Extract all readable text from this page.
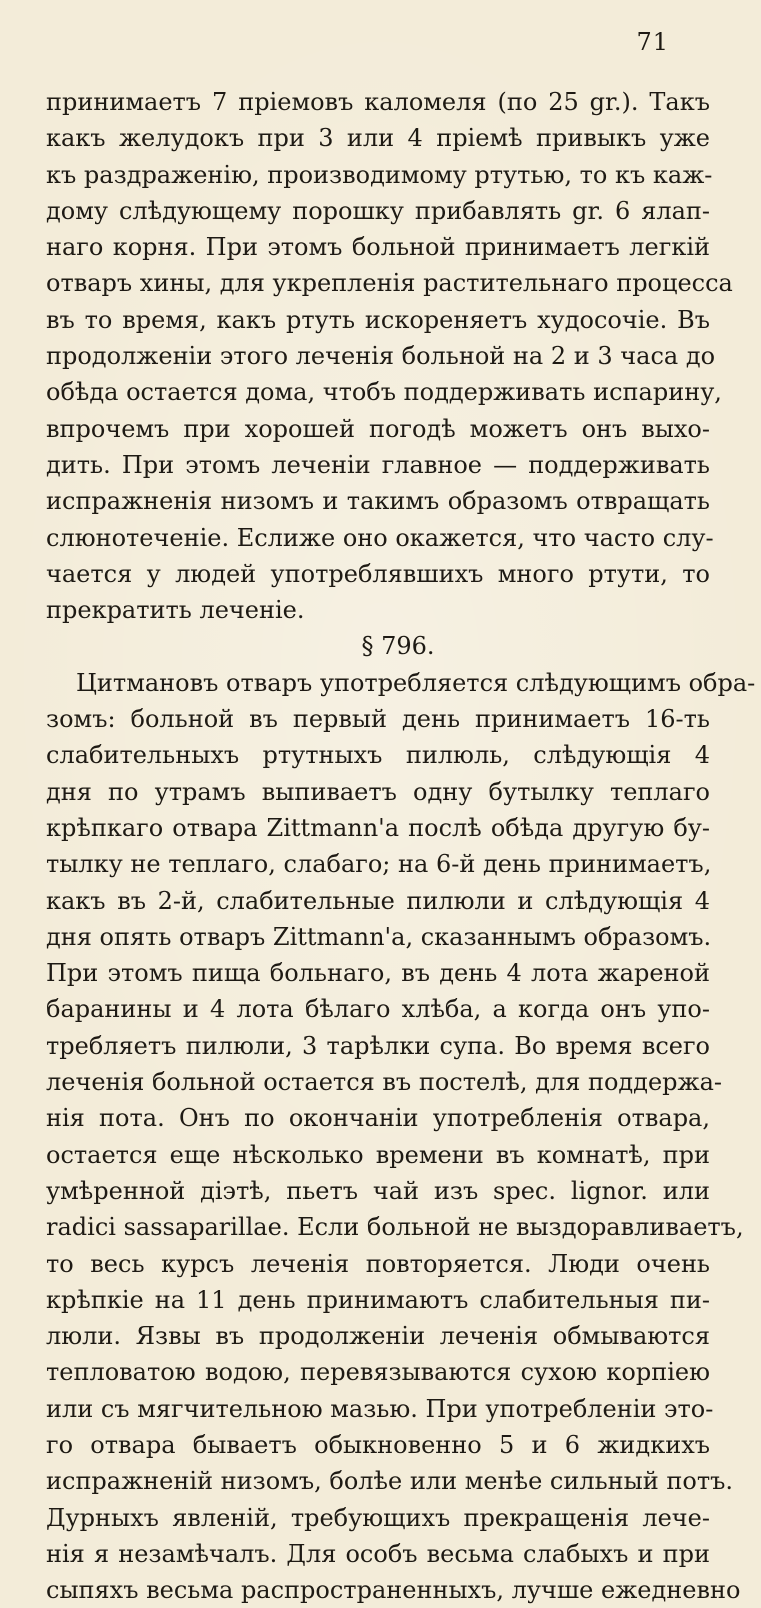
71
принимаетъ 7 пріемовъ каломеля (по 25 gr.). Такъ
какъ желудокъ при 3 или 4 пріемѣ привыкъ уже
къ раздраженію, производимому ртутью, то къ каж-
дому слѣдующему порошку прибавлять gr. 6 ялап-
наго корня. При этомъ больной принимаетъ легкій
отваръ хины, для укрепленія растительнаго процесса
въ то время, какъ ртуть искореняетъ худосочіе. Въ
продолженіи этого леченія больной на 2 и 3 часа до
обѣда остается дома, чтобъ поддерживать испарину,
впрочемъ при хорошей погодѣ можетъ онъ выхо-
дить. При этомъ леченіи главное — поддерживать
испражненія низомъ и такимъ образомъ отвращать
слюнотеченіе. Еслиже оно окажется, что часто слу-
чается у людей употреблявшихъ много ртути, то
прекратить леченіе.
§ 796.
Цитмановъ отваръ употребляется слѣдующимъ обра-
зомъ: больной въ первый день принимаетъ 16-ть
слабительныхъ ртутныхъ пилюль, слѣдующія 4
дня по утрамъ выпиваетъ одну бутылку теплаго
крѣпкаго отвара Zittmann'a послѣ обѣда другую бу-
тылку не теплаго, слабаго; на 6-й день принимаетъ,
какъ въ 2-й, слабительные пилюли и слѣдующія 4
дня опять отваръ Zittmann'a, сказаннымъ образомъ.
При этомъ пища больнаго, въ день 4 лота жареной
баранины и 4 лота бѣлаго хлѣба, а когда онъ упо-
требляетъ пилюли, 3 тарѣлки супа. Во время всего
леченія больной остается въ постелѣ, для поддержа-
нія пота. Онъ по окончаніи употребленія отвара,
остается еще нѣсколько времени въ комнатѣ, при
умѣренной діэтѣ, пьетъ чай изъ spec. lignor. или
radici sassaparillae. Если больной не выздоравливаетъ,
то весь курсъ леченія повторяется. Люди очень
крѣпкіе на 11 день принимаютъ слабительныя пи-
люли. Язвы въ продолженіи леченія обмываются
тепловатою водою, перевязываются сухою корпіею
или съ мягчительною мазью. При употребленіи это-
го отвара бываетъ обыкновенно 5 и 6 жидкихъ
испражненій низомъ, болѣе или менѣе сильный потъ.
Дурныхъ явленій, требующихъ прекращенія лече-
нія я незамѣчалъ. Для особъ весьма слабыхъ и при
сыпяхъ весьма распространенныхъ, лучше ежедневно
